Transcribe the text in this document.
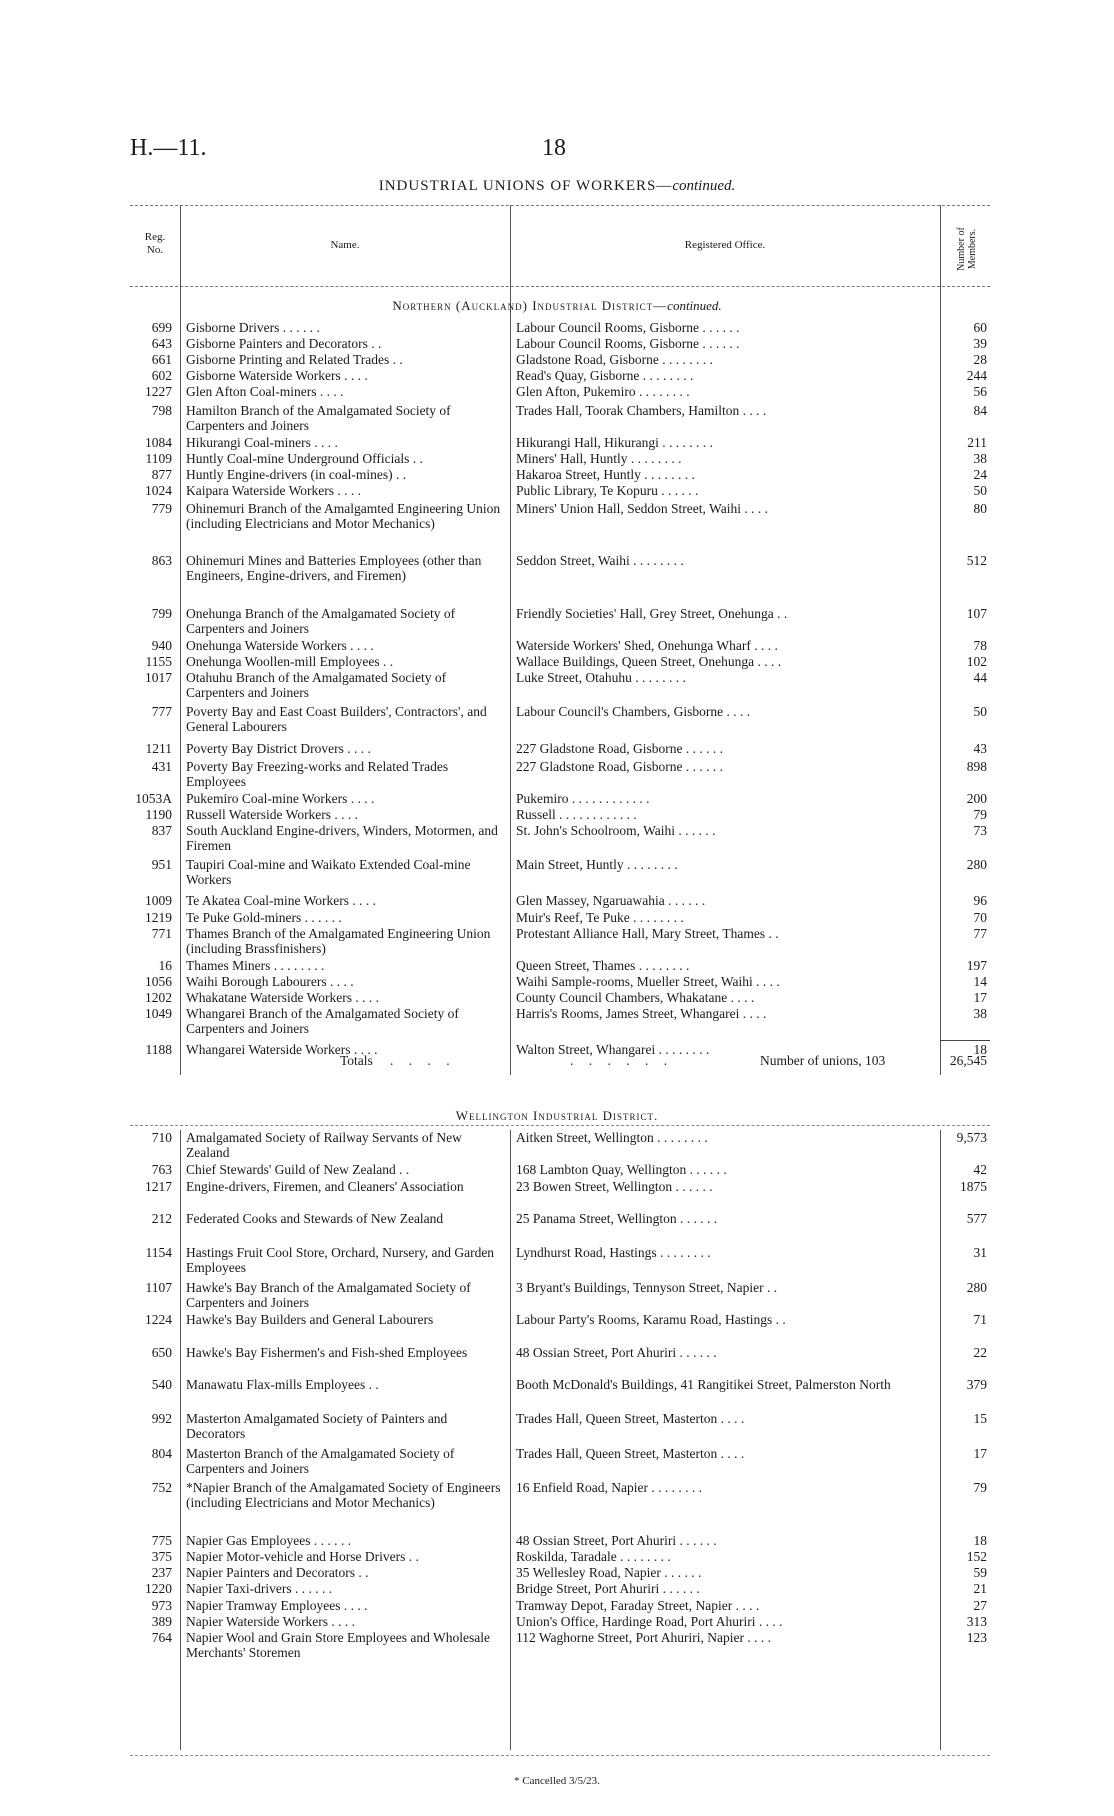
H.—11.	18
INDUSTRIAL UNIONS OF WORKERS—continued.
Reg.
No.	Name.	Registered Office.	Number of
Members.
Northern (Auckland) Industrial District—continued.
699 Gisborne Drivers . . . . . .	Labour Council Rooms, Gisborne . . . . . .	60
643 Gisborne Painters and Decorators . .	Labour Council Rooms, Gisborne . . . . . .	39
661 Gisborne Printing and Related Trades . .	Gladstone Road, Gisborne . . . . . . . .	28
602 Gisborne Waterside Workers . . . .	Read's Quay, Gisborne . . . . . . . .	244
1227 Glen Afton Coal-miners . . . .	Glen Afton, Pukemiro . . . . . . . .	56
798 Hamilton Branch of the Amalgamated Society of Carpenters and Joiners
Trades Hall, Toorak Chambers, Hamilton . . . .	84
1084 Hikurangi Coal-miners . . . .	Hikurangi Hall, Hikurangi . . . . . . . .	211
1109 Huntly Coal-mine Underground Officials . .	Miners' Hall, Huntly . . . . . . . .	38
877 Huntly Engine-drivers (in coal-mines) . .	Hakaroa Street, Huntly . . . . . . . .	24
1024 Kaipara Waterside Workers . . . .	Public Library, Te Kopuru . . . . . .	50
779 Ohinemuri Branch of the Amalgamted Engineering Union (including Electricians and Motor Mechanics)
Miners' Union Hall, Seddon Street, Waihi . . . .	80
863 Ohinemuri Mines and Batteries Employees (other than Engineers, Engine-drivers, and Firemen)
Seddon Street, Waihi . . . . . . . .	512
799 Onehunga Branch of the Amalgamated Society of Carpenters and Joiners
Friendly Societies' Hall, Grey Street, Onehunga . .	107
940 Onehunga Waterside Workers . . . .	Waterside Workers' Shed, Onehunga Wharf . . . .	78
1155 Onehunga Woollen-mill Employees . .	Wallace Buildings, Queen Street, Onehunga . . . .	102
1017 Otahuhu Branch of the Amalgamated Society of Carpenters and Joiners
Luke Street, Otahuhu . . . . . . . .	44
777 Poverty Bay and East Coast Builders', Contractors', and General Labourers
Labour Council's Chambers, Gisborne . . . .	50
1211 Poverty Bay District Drovers . . . .	227 Gladstone Road, Gisborne . . . . . .	43
431 Poverty Bay Freezing-works and Related Trades Employees
227 Gladstone Road, Gisborne . . . . . .	898
1053A Pukemiro Coal-mine Workers . . . .	Pukemiro . . . . . . . . . . . .	200
1190 Russell Waterside Workers . . . .	Russell . . . . . . . . . . . .	79
837 South Auckland Engine-drivers, Winders, Motormen, and Firemen
St. John's Schoolroom, Waihi . . . . . .	73
951 Taupiri Coal-mine and Waikato Extended Coal-mine Workers
Main Street, Huntly . . . . . . . .	280
1009 Te Akatea Coal-mine Workers . . . .	Glen Massey, Ngaruawahia . . . . . .	96
1219 Te Puke Gold-miners . . . . . .	Muir's Reef, Te Puke . . . . . . . .	70
771 Thames Branch of the Amalgamated Engineering Union (including Brassfinishers)
Protestant Alliance Hall, Mary Street, Thames . .	77
16 Thames Miners . . . . . . . .	Queen Street, Thames . . . . . . . .	197
1056 Waihi Borough Labourers . . . .	Waihi Sample-rooms, Mueller Street, Waihi . . . .	14
1202 Whakatane Waterside Workers . . . .	County Council Chambers, Whakatane . . . .	17
1049 Whangarei Branch of the Amalgamated Society of Carpenters and Joiners
Harris's Rooms, James Street, Whangarei . . . .	38
1188 Whangarei Waterside Workers . . . .	Walton Street, Whangarei . . . . . . . .	18
Totals . . . .	. . . . . .	Number of unions, 103	26,545
Wellington Industrial District.
710 Amalgamated Society of Railway Servants of New Zealand
Aitken Street, Wellington . . . . . . . .	9,573
763 Chief Stewards' Guild of New Zealand . .	168 Lambton Quay, Wellington . . . . . .	42
1217 Engine-drivers, Firemen, and Cleaners' Association	23 Bowen Street, Wellington . . . . . .	1875
212 Federated Cooks and Stewards of New Zealand	25 Panama Street, Wellington . . . . . .	577
1154 Hastings Fruit Cool Store, Orchard, Nursery, and Garden Employees
Lyndhurst Road, Hastings . . . . . . . .	31
1107 Hawke's Bay Branch of the Amalgamated Society of Carpenters and Joiners
3 Bryant's Buildings, Tennyson Street, Napier . .	280
1224 Hawke's Bay Builders and General Labourers	Labour Party's Rooms, Karamu Road, Hastings . .	71
650 Hawke's Bay Fishermen's and Fish-shed Employees	48 Ossian Street, Port Ahuriri . . . . . .	22
540 Manawatu Flax-mills Employees . .	Booth McDonald's Buildings, 41 Rangitikei Street, Palmerston North	379
992 Masterton Amalgamated Society of Painters and Decorators
Trades Hall, Queen Street, Masterton . . . .	15
804 Masterton Branch of the Amalgamated Society of Carpenters and Joiners
Trades Hall, Queen Street, Masterton . . . .	17
752 *Napier Branch of the Amalgamated Society of Engineers (including Electricians and Motor Mechanics)
16 Enfield Road, Napier . . . . . . . .	79
775 Napier Gas Employees . . . . . .	48 Ossian Street, Port Ahuriri . . . . . .	18
375 Napier Motor-vehicle and Horse Drivers . .	Roskilda, Taradale . . . . . . . .	152
237 Napier Painters and Decorators . .	35 Wellesley Road, Napier . . . . . .	59
1220 Napier Taxi-drivers . . . . . .	Bridge Street, Port Ahuriri . . . . . .	21
973 Napier Tramway Employees . . . .	Tramway Depot, Faraday Street, Napier . . . .	27
389 Napier Waterside Workers . . . .	Union's Office, Hardinge Road, Port Ahuriri . . . .	313
764 Napier Wool and Grain Store Employees and Wholesale Merchants' Storemen
112 Waghorne Street, Port Ahuriri, Napier . . . .	123
* Cancelled 3/5/23.
